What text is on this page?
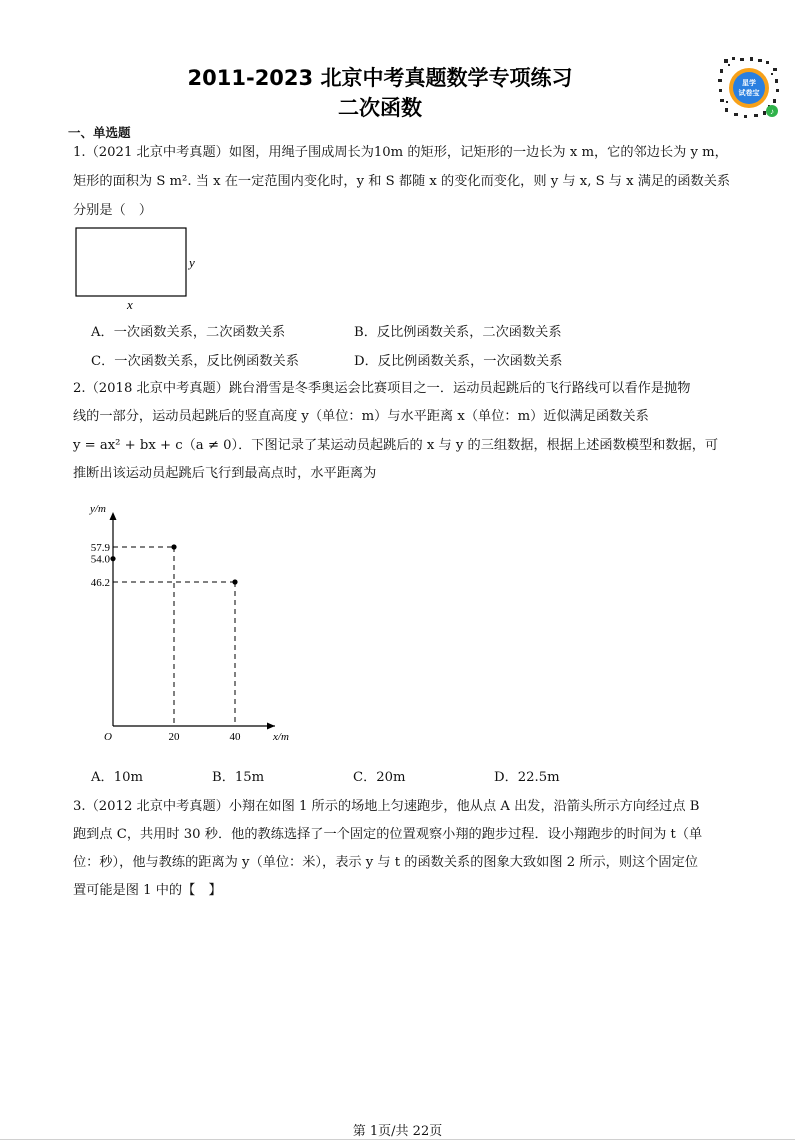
2011-2023 北京中考真题数学专项练习
二次函数
星学
试卷宝
♪
一、单选题
1.（2021 北京中考真题）如图，用绳子围成周长为10m 的矩形，记矩形的一边长为 x m，它的邻边长为 y m，
矩形的面积为 S m². 当 x 在一定范围内变化时，y 和 S 都随 x 的变化而变化，则 y 与 x, S 与 x 满足的函数关系
分别是（　）
y
x
A．一次函数关系，二次函数关系	B．反比例函数关系，二次函数关系
C．一次函数关系，反比例函数关系	D．反比例函数关系，一次函数关系
2.（2018 北京中考真题）跳台滑雪是冬季奥运会比赛项目之一．运动员起跳后的飞行路线可以看作是抛物
线的一部分，运动员起跳后的竖直高度 y（单位：m）与水平距离 x（单位：m）近似满足函数关系
y = ax² + bx + c（a ≠ 0）．下图记录了某运动员起跳后的 x 与 y 的三组数据，根据上述函数模型和数据，可
推断出该运动员起跳后飞行到最高点时，水平距离为
y/m
x/m
O
54.0
20
57.9
40
46.2
A．10m	B．15m	C．20m	D．22.5m
3.（2012 北京中考真题）小翔在如图 1 所示的场地上匀速跑步，他从点 A 出发，沿箭头所示方向经过点 B
跑到点 C，共用时 30 秒．他的教练选择了一个固定的位置观察小翔的跑步过程．设小翔跑步的时间为 t（单
位：秒），他与教练的距离为 y（单位：米），表示 y 与 t 的函数关系的图象大致如图 2 所示，则这个固定位
置可能是图 1 中的【　】
第 1页/共 22页
